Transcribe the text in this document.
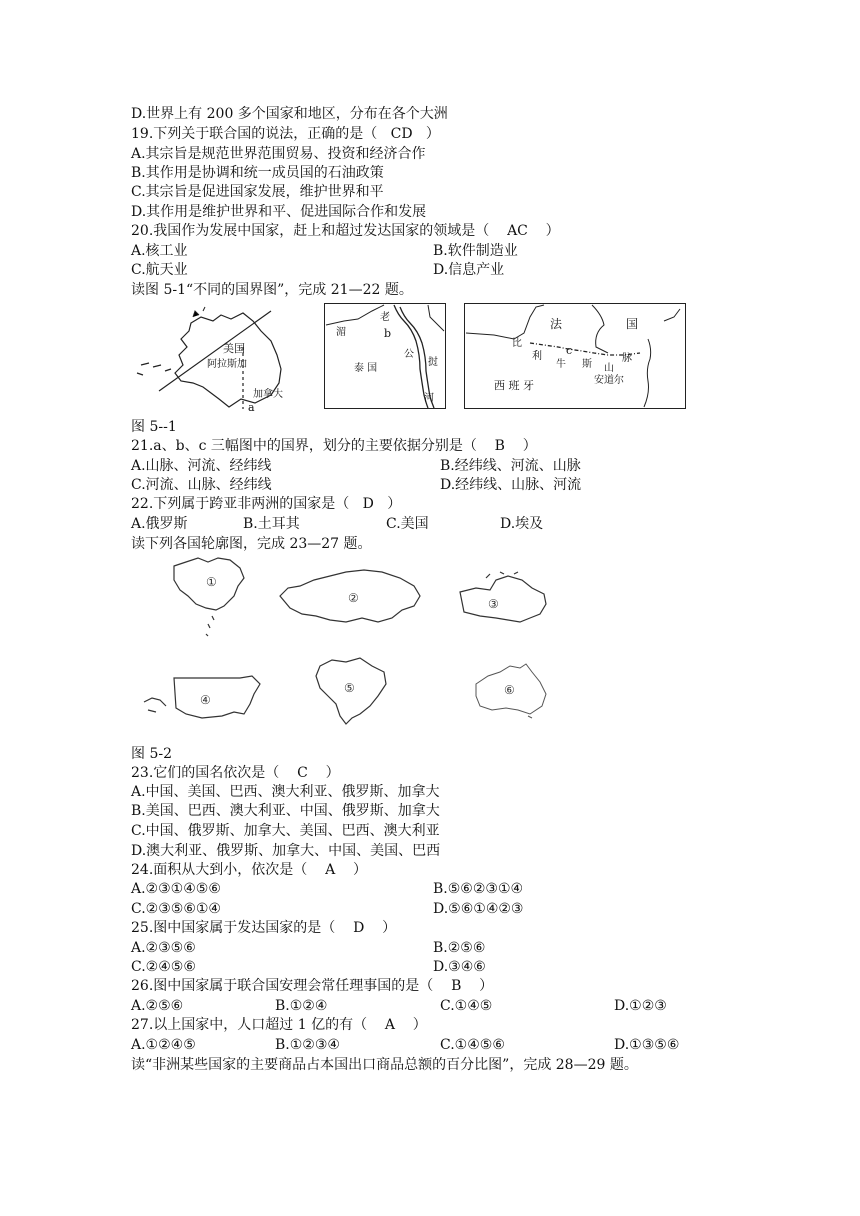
D.世界上有 200 多个国家和地区，分布在各个大洲
19.下列关于联合国的说法，正确的是（   CD   ）
A.其宗旨是规范世界范围贸易、投资和经济合作
B.其作用是协调和统一成员国的石油政策
C.其宗旨是促进国家发展，维护世界和平
D.其作用是维护世界和平、促进国际合作和发展
20.我国作为发展中国家，赶上和超过发达国家的领域是（    AC    ）
A.核工业	B.软件制造业
C.航天业	D.信息产业
读图 5-1“不同的国界图”，完成 21—22 题。
美国
阿拉斯加
加拿大
a
老
湄	b
公
泰 国
挝
河
法	国
比
利 c
牛 斯 山
脉
安道尔
西 班 牙
图 5--1
21.a、b、c 三幅图中的国界，划分的主要依据分别是（    B    ）
A.山脉、河流、经纬线	B.经纬线、河流、山脉
C.河流、山脉、经纬线	D.经纬线、山脉、河流
22.下列属于跨亚非两洲的国家是（   D   ）
A.俄罗斯	B.土耳其	C.美国	D.埃及
读下列各国轮廓图，完成 23—27 题。
①
②	③
④
⑤	⑥
图 5-2
23.它们的国名依次是（    C    ）
A.中国、美国、巴西、澳大利亚、俄罗斯、加拿大
B.美国、巴西、澳大利亚、中国、俄罗斯、加拿大
C.中国、俄罗斯、加拿大、美国、巴西、澳大利亚
D.澳大利亚、俄罗斯、加拿大、中国、美国、巴西
24.面积从大到小，依次是（    A    ）
A.②③①④⑤⑥	B.⑤⑥②③①④
C.②③⑤⑥①④	D.⑤⑥①④②③
25.图中国家属于发达国家的是（    D    ）
A.②③⑤⑥	B.②⑤⑥
C.②④⑤⑥	D.③④⑥
26.图中国家属于联合国安理会常任理事国的是（    B    ）
A.②⑤⑥	B.①②④	C.①④⑤	D.①②③
27.以上国家中，人口超过 1 亿的有（    A    ）
A.①②④⑤	B.①②③④	C.①④⑤⑥	D.①③⑤⑥
读“非洲某些国家的主要商品占本国出口商品总额的百分比图”，完成 28—29 题。
